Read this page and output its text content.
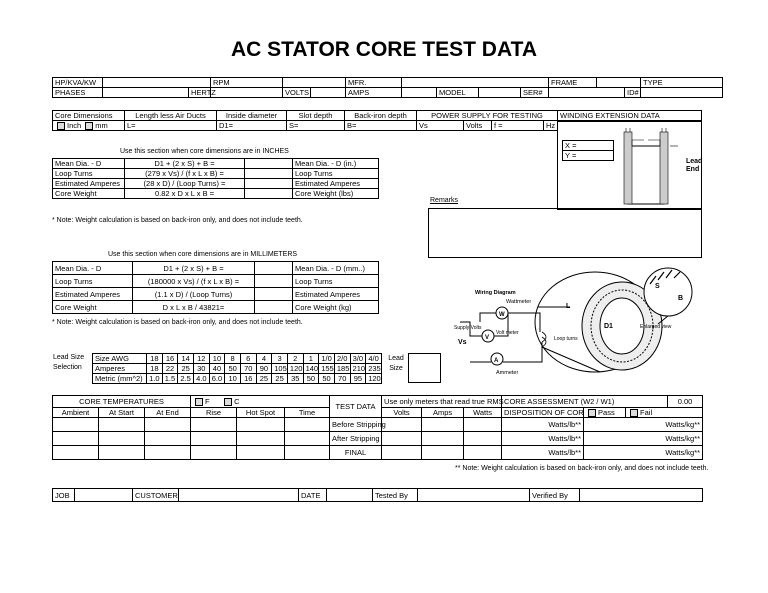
AC STATOR CORE TEST DATA
HP/KVA/KW			RPM			MFR.					FRAME			TYPE	
PHASES		HERTZ		VOLTS		AMPS		MODEL		SER#			ID#		
Core Dimensions	Length less Air Ducts	Inside diameter	Slot depth	Back-iron depth	POWER SUPPLY FOR TESTING			
Inch mm	L=	D1=	S=	B=	Vs	Volts	f =	Hz
WINDING EXTENSION DATA
X =
Y =
Lead End
Use this section when core dimensions are in INCHES
Mean Dia. - D	D1 + (2 x S) + B =		Mean Dia. - D (in.)
Loop Turns	(279 x Vs) / (f x L x B) =		Loop Turns
Estimated Amperes	(28 x D) / (Loop Turns) =		Estimated Amperes
Core Weight	0.82 x D x L x B =		Core Weight (lbs)
* Note: Weight calculation is based on back-iron only, and does not include teeth.
Remarks
Use this section when core dimensions are in MILLIMETERS
Mean Dia. - D	D1 + (2 x S) + B =		Mean Dia. - D (mm..)
Loop Turns	(180000 x Vs) / (f x L x B) =		Loop Turns
Estimated Amperes	(1.1 x D) / (Loop Turns)		Estimated Amperes
Core Weight	D x L x B / 43821=		Core Weight (kg)
* Note: Weight calculation is based on back-iron only, and does not include teeth.
Wiring Diagram
Wattmeter
W
V
A
Supply Volts
Vs
Volt meter
Ammeter
Loop turns
L
D1
S
B
Enlarged view
Lead Size
Selection
Size AWG	18	16	14	12	10	8	6	4	3	2	1	1/0	2/0	3/0	4/0
Amperes	18	22	25	30	40	50	70	90	105	120	140	155	185	210	235
Metric (mm^2)	1.0	1.5	2.5	4.0	6.0	10	16	25	25	35	50	50	70	95	120
Lead
Size
CORE TEMPERATURES			F C			TEST DATA	Use only meters that read true RMS			CORE ASSESSMENT (W2 / W1)			0.00
Ambient	At Start	At End	Rise	Hot Spot	Time		Volts	Amps	Watts	DISPOSITION OF COR	Pass	Fail	
						Before Stripping				Watts/lb**	Watts/kg**		
						After Stripping				Watts/lb**	Watts/kg**		
						FINAL				Watts/lb**	Watts/kg**		
** Note: Weight calculation is based on back-iron only, and does not include teeth.
JOB		CUSTOMER		DATE		Tested By		Verified By	
